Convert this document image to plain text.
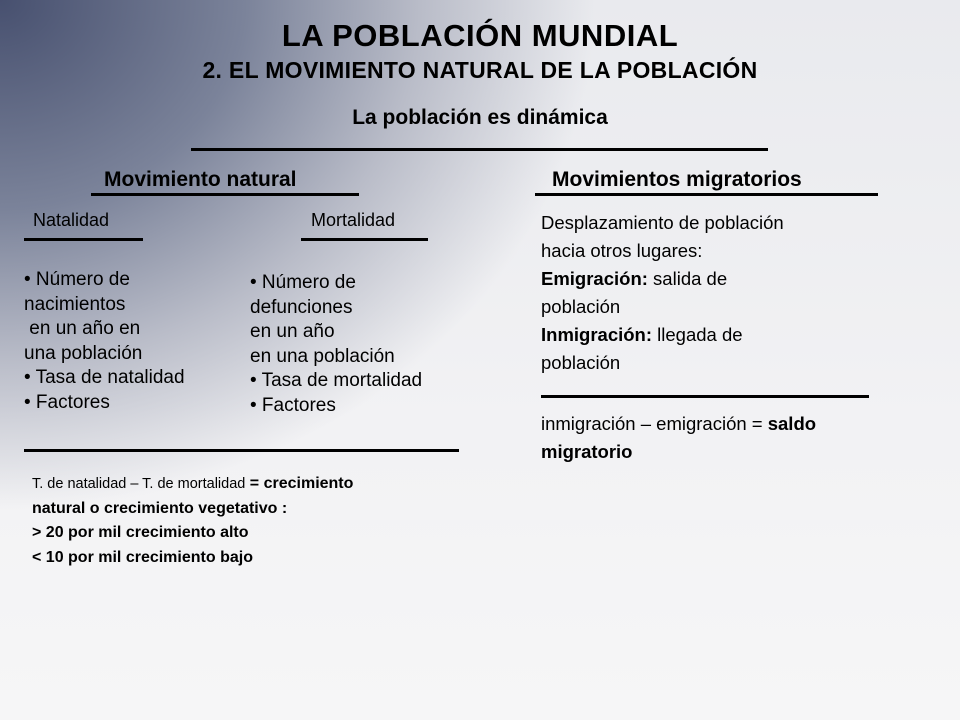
LA POBLACIÓN MUNDIAL
2. EL MOVIMIENTO NATURAL DE LA POBLACIÓN
La población es dinámica
Movimiento natural
Natalidad	Mortalidad
• Número de
nacimientos
en un año en
una población
• Tasa de natalidad
• Factores
• Número de
defunciones
en un año
en una población
• Tasa de mortalidad
• Factores
T. de natalidad – T. de mortalidad = crecimiento
natural o crecimiento vegetativo :
> 20 por mil crecimiento alto
< 10 por mil crecimiento bajo
Movimientos migratorios
Desplazamiento de población
hacia otros lugares:
Emigración: salida de
población
Inmigración: llegada de
población
inmigración – emigración = saldo
migratorio
